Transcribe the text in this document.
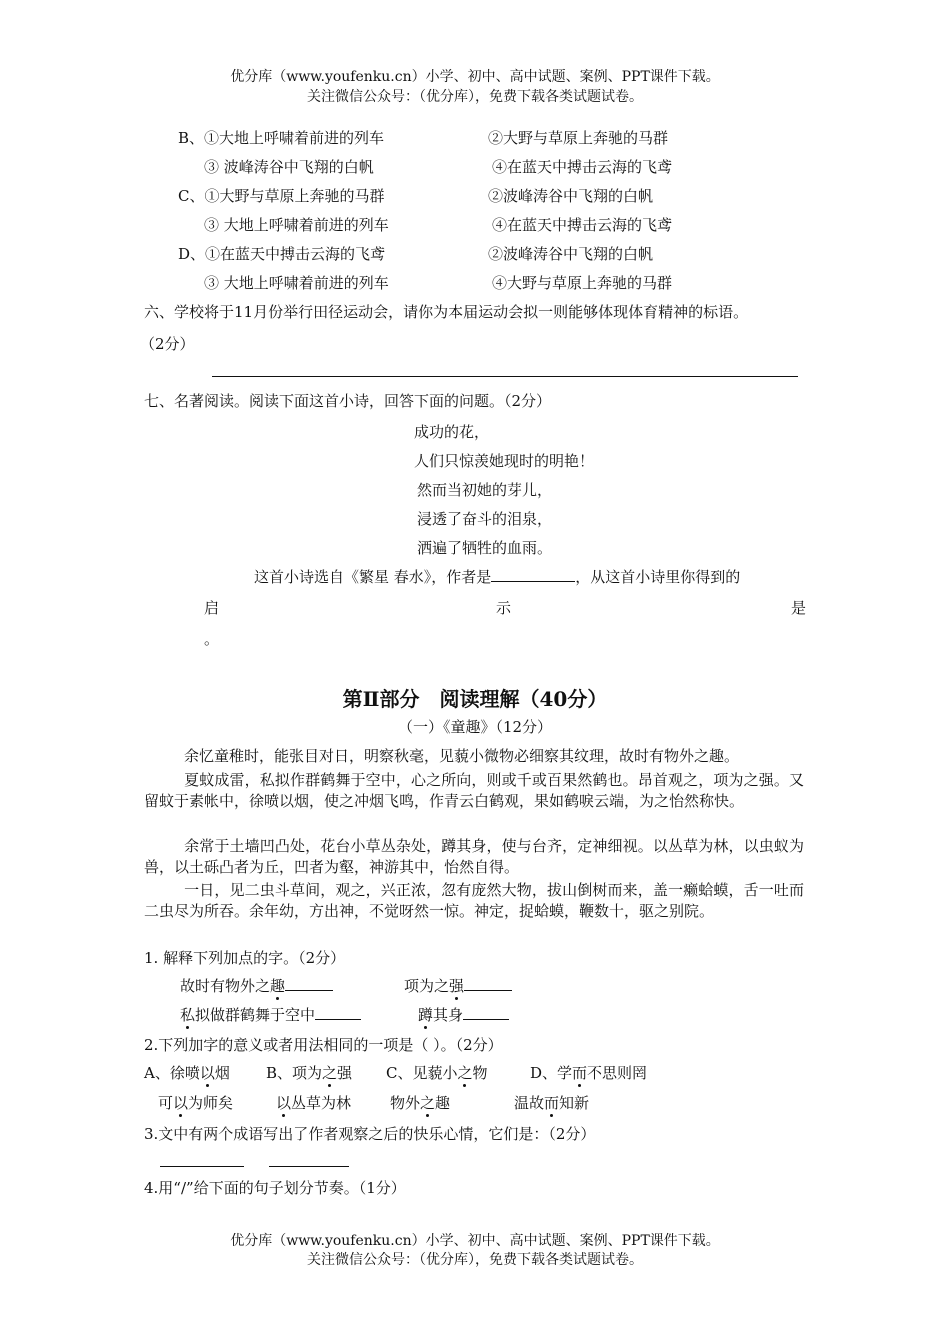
优分库（www.youfenku.cn）小学、初中、高中试题、案例、PPT课件下载。
关注微信公众号：（优分库），免费下载各类试题试卷。
B、①大地上呼啸着前进的列车	②大野与草原上奔驰的马群
③ 波峰涛谷中飞翔的白帆	④在蓝天中搏击云海的飞鸢
C、①大野与草原上奔驰的马群	②波峰涛谷中飞翔的白帆
③ 大地上呼啸着前进的列车	④在蓝天中搏击云海的飞鸢
D、①在蓝天中搏击云海的飞鸢	②波峰涛谷中飞翔的白帆
③ 大地上呼啸着前进的列车	④大野与草原上奔驰的马群
六、学校将于11月份举行田径运动会，请你为本届运动会拟一则能够体现体育精神的标语。
（2分）
七、名著阅读。阅读下面这首小诗，回答下面的问题。（2分）
成功的花，
人们只惊羡她现时的明艳！
然而当初她的芽儿，
浸透了奋斗的泪泉，
洒遍了牺牲的血雨。
这首小诗选自《繁星 春水》，作者是	，从这首小诗里你得到的
启	示	是
。
第Ⅱ部分　阅读理解（40分）
（一）《童趣》（12分）
余忆童稚时，能张目对日，明察秋毫，见藐小微物必细察其纹理，故时有物外之趣。
夏蚊成雷，私拟作群鹤舞于空中，心之所向，则或千或百果然鹤也。昂首观之，项为之强。又留蚊于素帐中，徐喷以烟，使之冲烟飞鸣，作青云白鹤观，果如鹤唳云端，为之怡然称快。
余常于土墙凹凸处，花台小草丛杂处，蹲其身，使与台齐，定神细视。以丛草为林，以虫蚁为兽，以土砾凸者为丘，凹者为壑，神游其中，怡然自得。
一日，见二虫斗草间，观之，兴正浓，忽有庞然大物，拔山倒树而来，盖一癞蛤蟆，舌一吐而二虫尽为所吞。余年幼，方出神，不觉呀然一惊。神定，捉蛤蟆，鞭数十，驱之别院。
1. 解释下列加点的字。（2分）
故时有物外之趣	项为之强
私拟做群鹤舞于空中	蹲其身
2.下列加字的意义或者用法相同的一项是（ ）。（2分）
A、徐喷以烟 B、项为之强 C、见藐小之物	D、学而不思则罔
可以为师矣	以丛草为林	物外之趣	温故而知新
3.文中有两个成语写出了作者观察之后的快乐心情，它们是：（2分）
4.用“/”给下面的句子划分节奏。（1分）
优分库（www.youfenku.cn）小学、初中、高中试题、案例、PPT课件下载。
关注微信公众号：（优分库），免费下载各类试题试卷。
